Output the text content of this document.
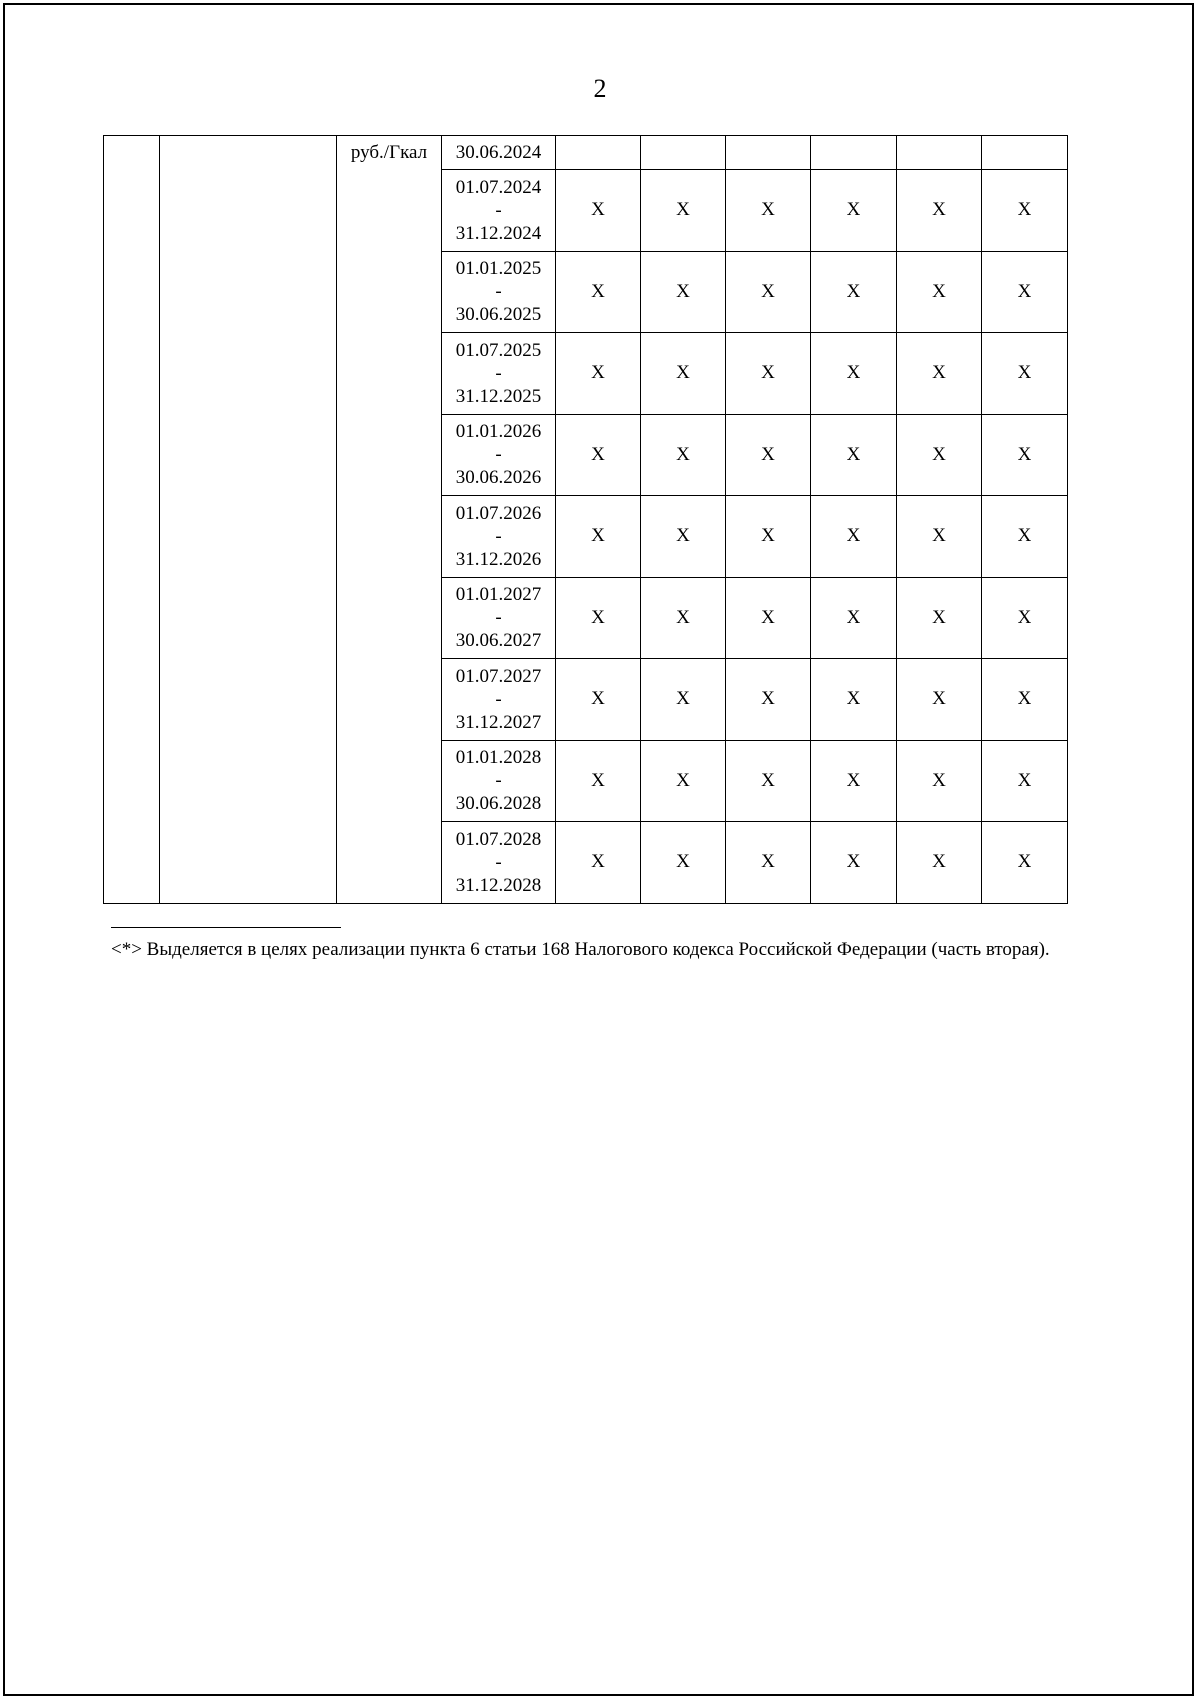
2
		руб./Гкал	30.06.2024						

			01.07.2024
-
31.12.2024	X	X	X	X	X	X

			01.01.2025
-
30.06.2025	X	X	X	X	X	X

			01.07.2025
-
31.12.2025	X	X	X	X	X	X

			01.01.2026
-
30.06.2026	X	X	X	X	X	X

			01.07.2026
-
31.12.2026	X	X	X	X	X	X

			01.01.2027
-
30.06.2027	X	X	X	X	X	X

			01.07.2027
-
31.12.2027	X	X	X	X	X	X

			01.01.2028
-
30.06.2028	X	X	X	X	X	X

			01.07.2028
-
31.12.2028	X	X	X	X	X	X
<*> Выделяется в целях реализации пункта 6 статьи 168 Налогового кодекса Российской Федерации (часть вторая).
